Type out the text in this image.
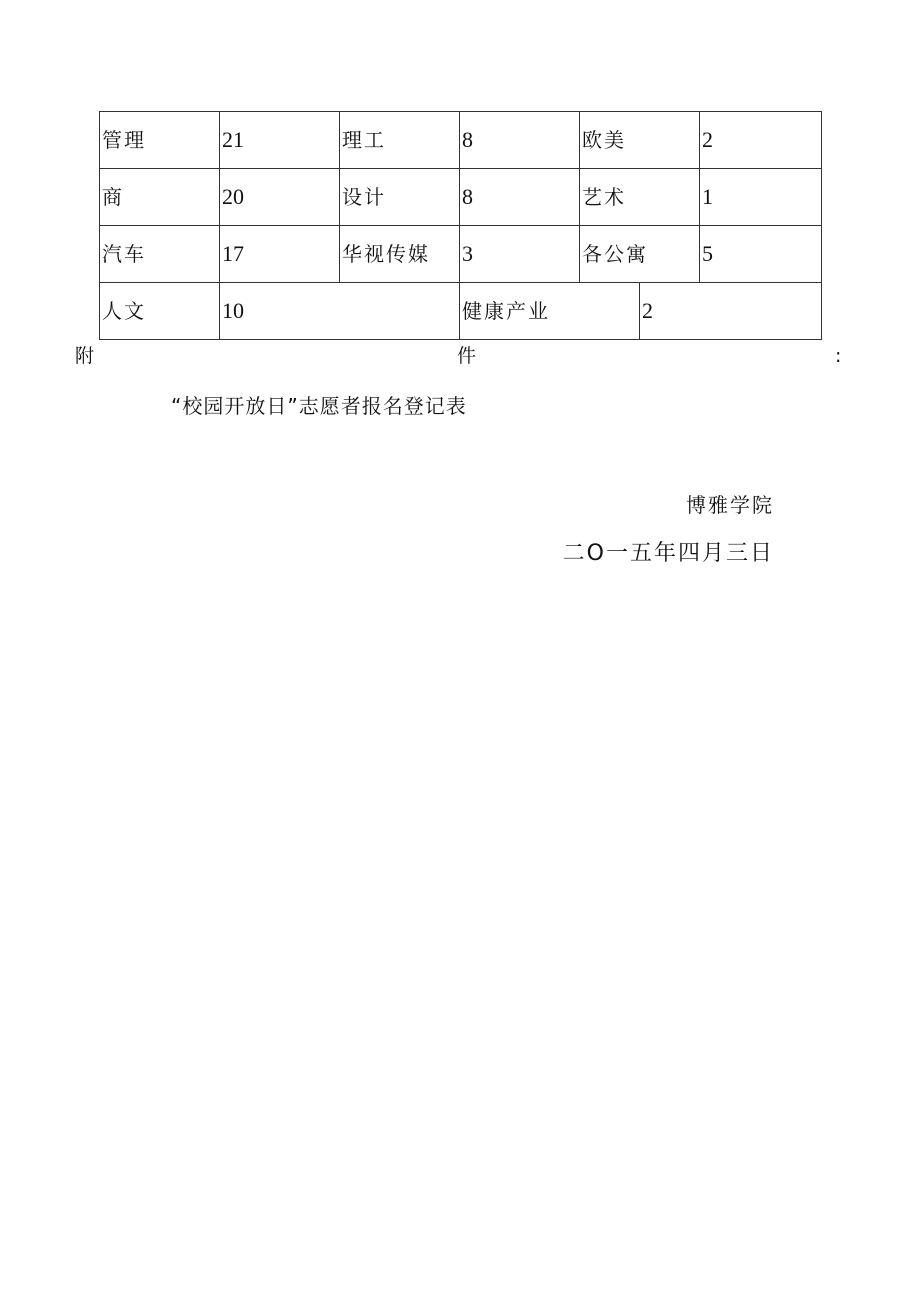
管理	21	理工	8	欧美		2
商	20	设计	8	艺术		1
汽车	17	华视传媒	3	各公寓		5
人文	10		健康产业		2	
附	件	:
“校园开放日”志愿者报名登记表
博雅学院
二O一五年四月三日
